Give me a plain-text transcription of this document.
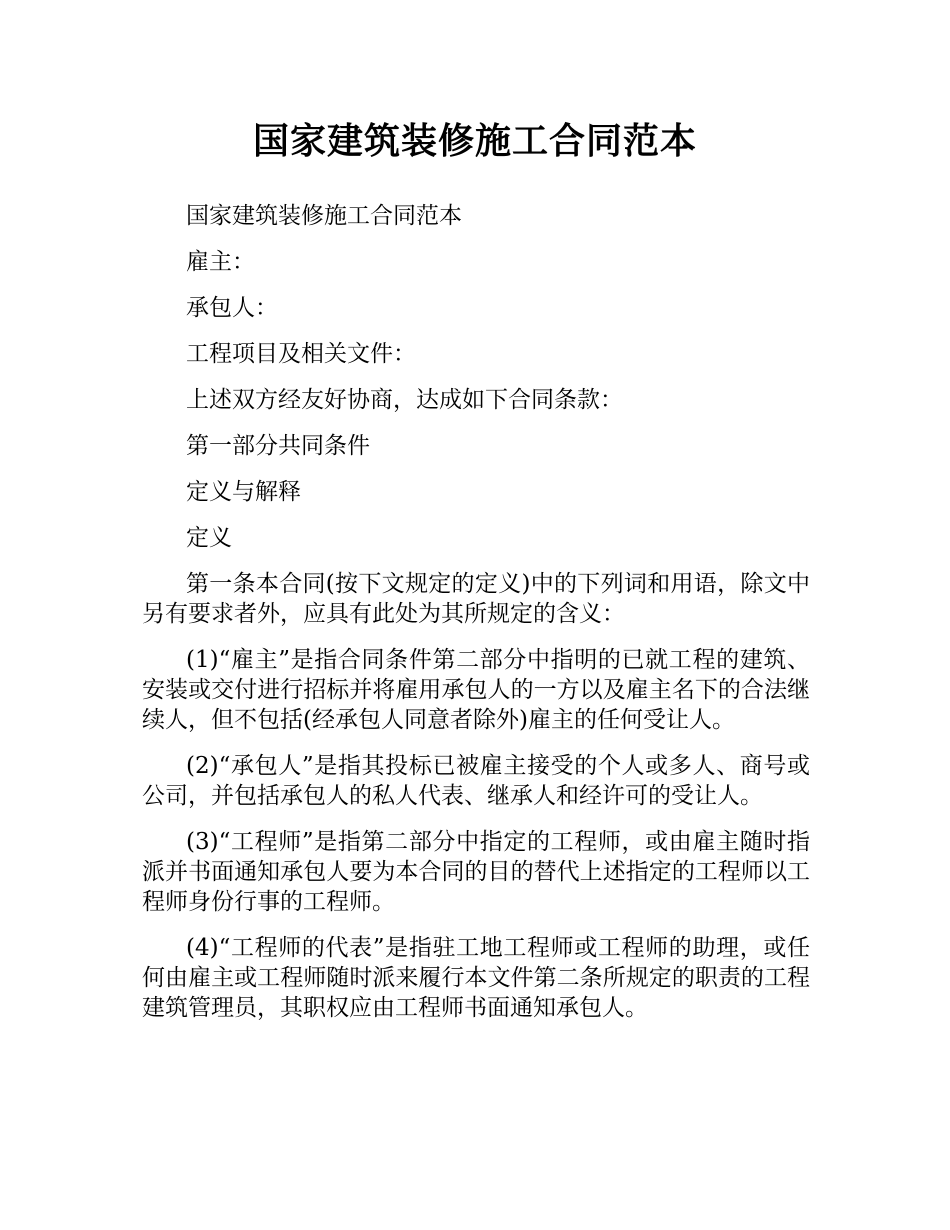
国家建筑装修施工合同范本

国家建筑装修施工合同范本

雇主：

承包人：

工程项目及相关文件：

上述双方经友好协商，达成如下合同条款：

第一部分共同条件

定义与解释

定义

第一条本合同(按下文规定的定义)中的下列词和用语，除文中另有要求者外，应具有此处为其所规定的含义：

(1)“雇主”是指合同条件第二部分中指明的已就工程的建筑、安装或交付进行招标并将雇用承包人的一方以及雇主名下的合法继续人，但不包括(经承包人同意者除外)雇主的任何受让人。

(2)“承包人”是指其投标已被雇主接受的个人或多人、商号或公司，并包括承包人的私人代表、继承人和经许可的受让人。

(3)“工程师”是指第二部分中指定的工程师，或由雇主随时指派并书面通知承包人要为本合同的目的替代上述指定的工程师以工程师身份行事的工程师。

(4)“工程师的代表”是指驻工地工程师或工程师的助理，或任何由雇主或工程师随时派来履行本文件第二条所规定的职责的工程建筑管理员，其职权应由工程师书面通知承包人。
